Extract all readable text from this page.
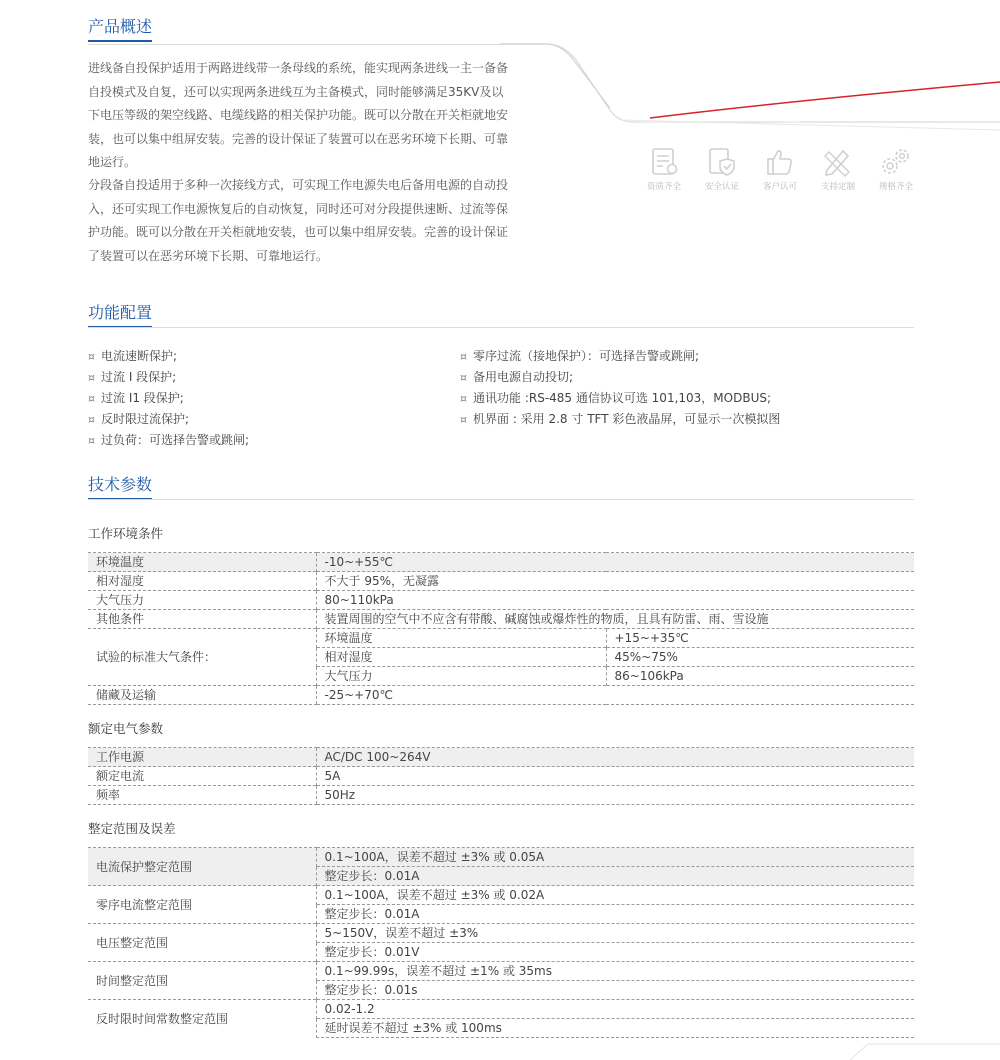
产品概述
进线备自投保护适用于两路进线带一条母线的系统，能实现两条进线一主一备备自投模式及自复，还可以实现两条进线互为主备模式，同时能够满足35KV及以下电压等级的架空线路、电缆线路的相关保护功能。既可以分散在开关柜就地安装，也可以集中组屏安装。完善的设计保证了装置可以在恶劣环境下长期、可靠地运行。
分段备自投适用于多种一次接线方式，可实现工作电源失电后备用电源的自动投入，还可实现工作电源恢复后的自动恢复，同时还可对分段提供速断、过流等保护功能。既可以分散在开关柜就地安装，也可以集中组屏安装。完善的设计保证了装置可以在恶劣环境下长期、可靠地运行。
资质齐全	安全认证	客户认可	支持定制	规格齐全
功能配置
¤ 电流速断保护;
¤ 过流 I 段保护;
¤ 过流 I1 段保护;
¤ 反时限过流保护;
¤ 过负荷：可选择告警或跳闸;
¤ 零序过流（接地保护）：可选择告警或跳闸;
¤ 备用电源自动投切;
¤ 通讯功能 :RS-485 通信协议可选 101,103，MODBUS;
¤ 机界面 : 采用 2.8 寸 TFT 彩色液晶屏，可显示一次模拟图
技术参数
工作环境条件
环境温度	-10~+55℃	
相对湿度	不大于 95%，无凝露	
大气压力	80~110kPa	
其他条件	装置周围的空气中不应含有带酸、碱腐蚀或爆炸性的物质，且具有防雷、雨、雪设施	
试验的标准大气条件：	环境温度	+15~+35℃
	相对湿度	45%~75%
	大气压力	86~106kPa
储藏及运输	-25~+70℃	
额定电气参数
工作电源	AC/DC 100~264V
额定电流	5A
频率	50Hz
整定范围及误差
电流保护整定范围	0.1~100A，误差不超过 ±3% 或 0.05A
	整定步长：0.01A
零序电流整定范围	0.1~100A，误差不超过 ±3% 或 0.02A
	整定步长：0.01A
电压整定范围	5~150V，误差不超过 ±3%
	整定步长：0.01V
时间整定范围	0.1~99.99s，误差不超过 ±1% 或 35ms
	整定步长：0.01s
反时限时间常数整定范围	0.02-1.2
	延时误差不超过 ±3% 或 100ms
